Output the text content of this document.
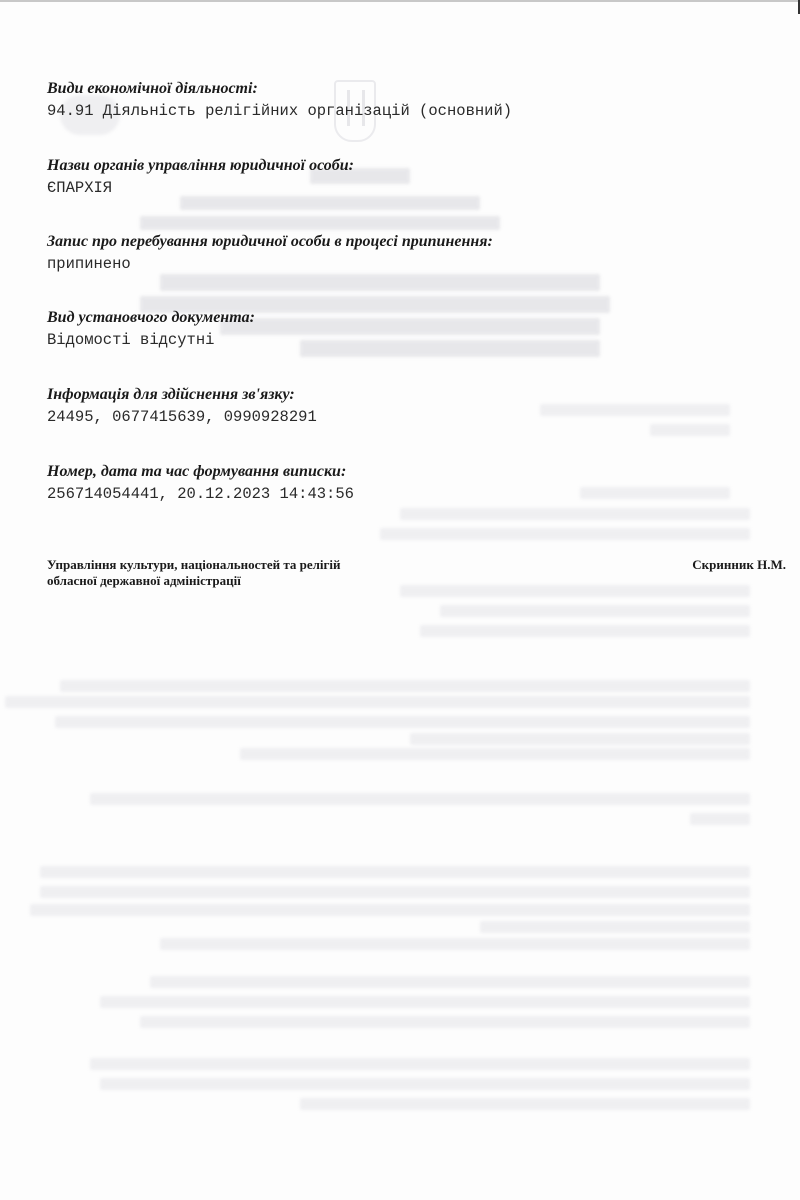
Види економічної діяльності:
94.91 Діяльність релігійних організацій (основний)
Назви органів управління юридичної особи:
ЄПАРХІЯ
Запис про перебування юридичної особи в процесі припинення:
припинено
Вид установчого документа:
Відомості відсутні
Інформація для здійснення зв'язку:
24495, 0677415639, 0990928291
Номер, дата та час формування виписки:
256714054441, 20.12.2023 14:43:56
Управління культури, національностей та релігій
обласної державної адміністрації
Скринник Н.М.
